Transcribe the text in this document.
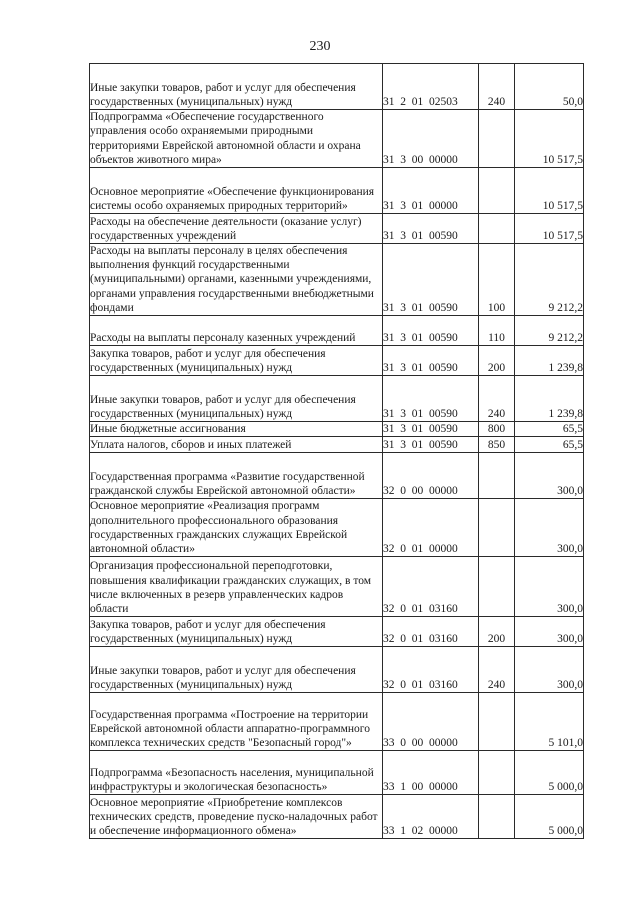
230
Иные закупки товаров, работ и услуг для обеспечения государственных (муниципальных) нужд	31  2  01  02503	240	50,0
Подпрограмма «Обеспечение государственного управления особо охраняемыми природными территориями Еврейской автономной области и охрана объектов животного мира»	31  3  00  00000		10 517,5
Основное мероприятие «Обеспечение функционирования системы особо охраняемых природных территорий»	31  3  01  00000		10 517,5
Расходы на обеспечение деятельности (оказание услуг) государственных учреждений	31  3  01  00590		10 517,5
Расходы на выплаты персоналу в целях обеспечения выполнения функций государственными (муниципальными) органами, казенными учреждениями, органами управления государственными внебюджетными фондами	31  3  01  00590	100	9 212,2
Расходы на выплаты персоналу казенных учреждений	31  3  01  00590	110	9 212,2
Закупка товаров, работ и услуг для обеспечения государственных (муниципальных) нужд	31  3  01  00590	200	1 239,8
Иные закупки товаров, работ и услуг для обеспечения государственных (муниципальных) нужд	31  3  01  00590	240	1 239,8
Иные бюджетные ассигнования	31  3  01  00590	800	65,5
Уплата налогов, сборов и иных платежей	31  3  01  00590	850	65,5
Государственная программа «Развитие государственной гражданской службы Еврейской автономной области»	32  0  00  00000		300,0
Основное мероприятие «Реализация программ дополнительного профессионального образования государственных гражданских служащих Еврейской автономной области»	32  0  01  00000		300,0
Организация профессиональной переподготовки, повышения квалификации гражданских служащих, в том числе включенных в резерв управленческих кадров области	32  0  01  03160		300,0
Закупка товаров, работ и услуг для обеспечения государственных (муниципальных) нужд	32  0  01  03160	200	300,0
Иные закупки товаров, работ и услуг для обеспечения государственных (муниципальных) нужд	32  0  01  03160	240	300,0
Государственная программа «Построение на территории Еврейской автономной области аппаратно-программного комплекса технических средств "Безопасный город"»	33  0  00  00000		5 101,0
Подпрограмма «Безопасность населения, муниципальной инфраструктуры и экологическая безопасность»	33  1  00  00000		5 000,0
Основное мероприятие «Приобретение комплексов технических средств, проведение пуско-наладочных работ и обеспечение информационного обмена»	33  1  02  00000		5 000,0
